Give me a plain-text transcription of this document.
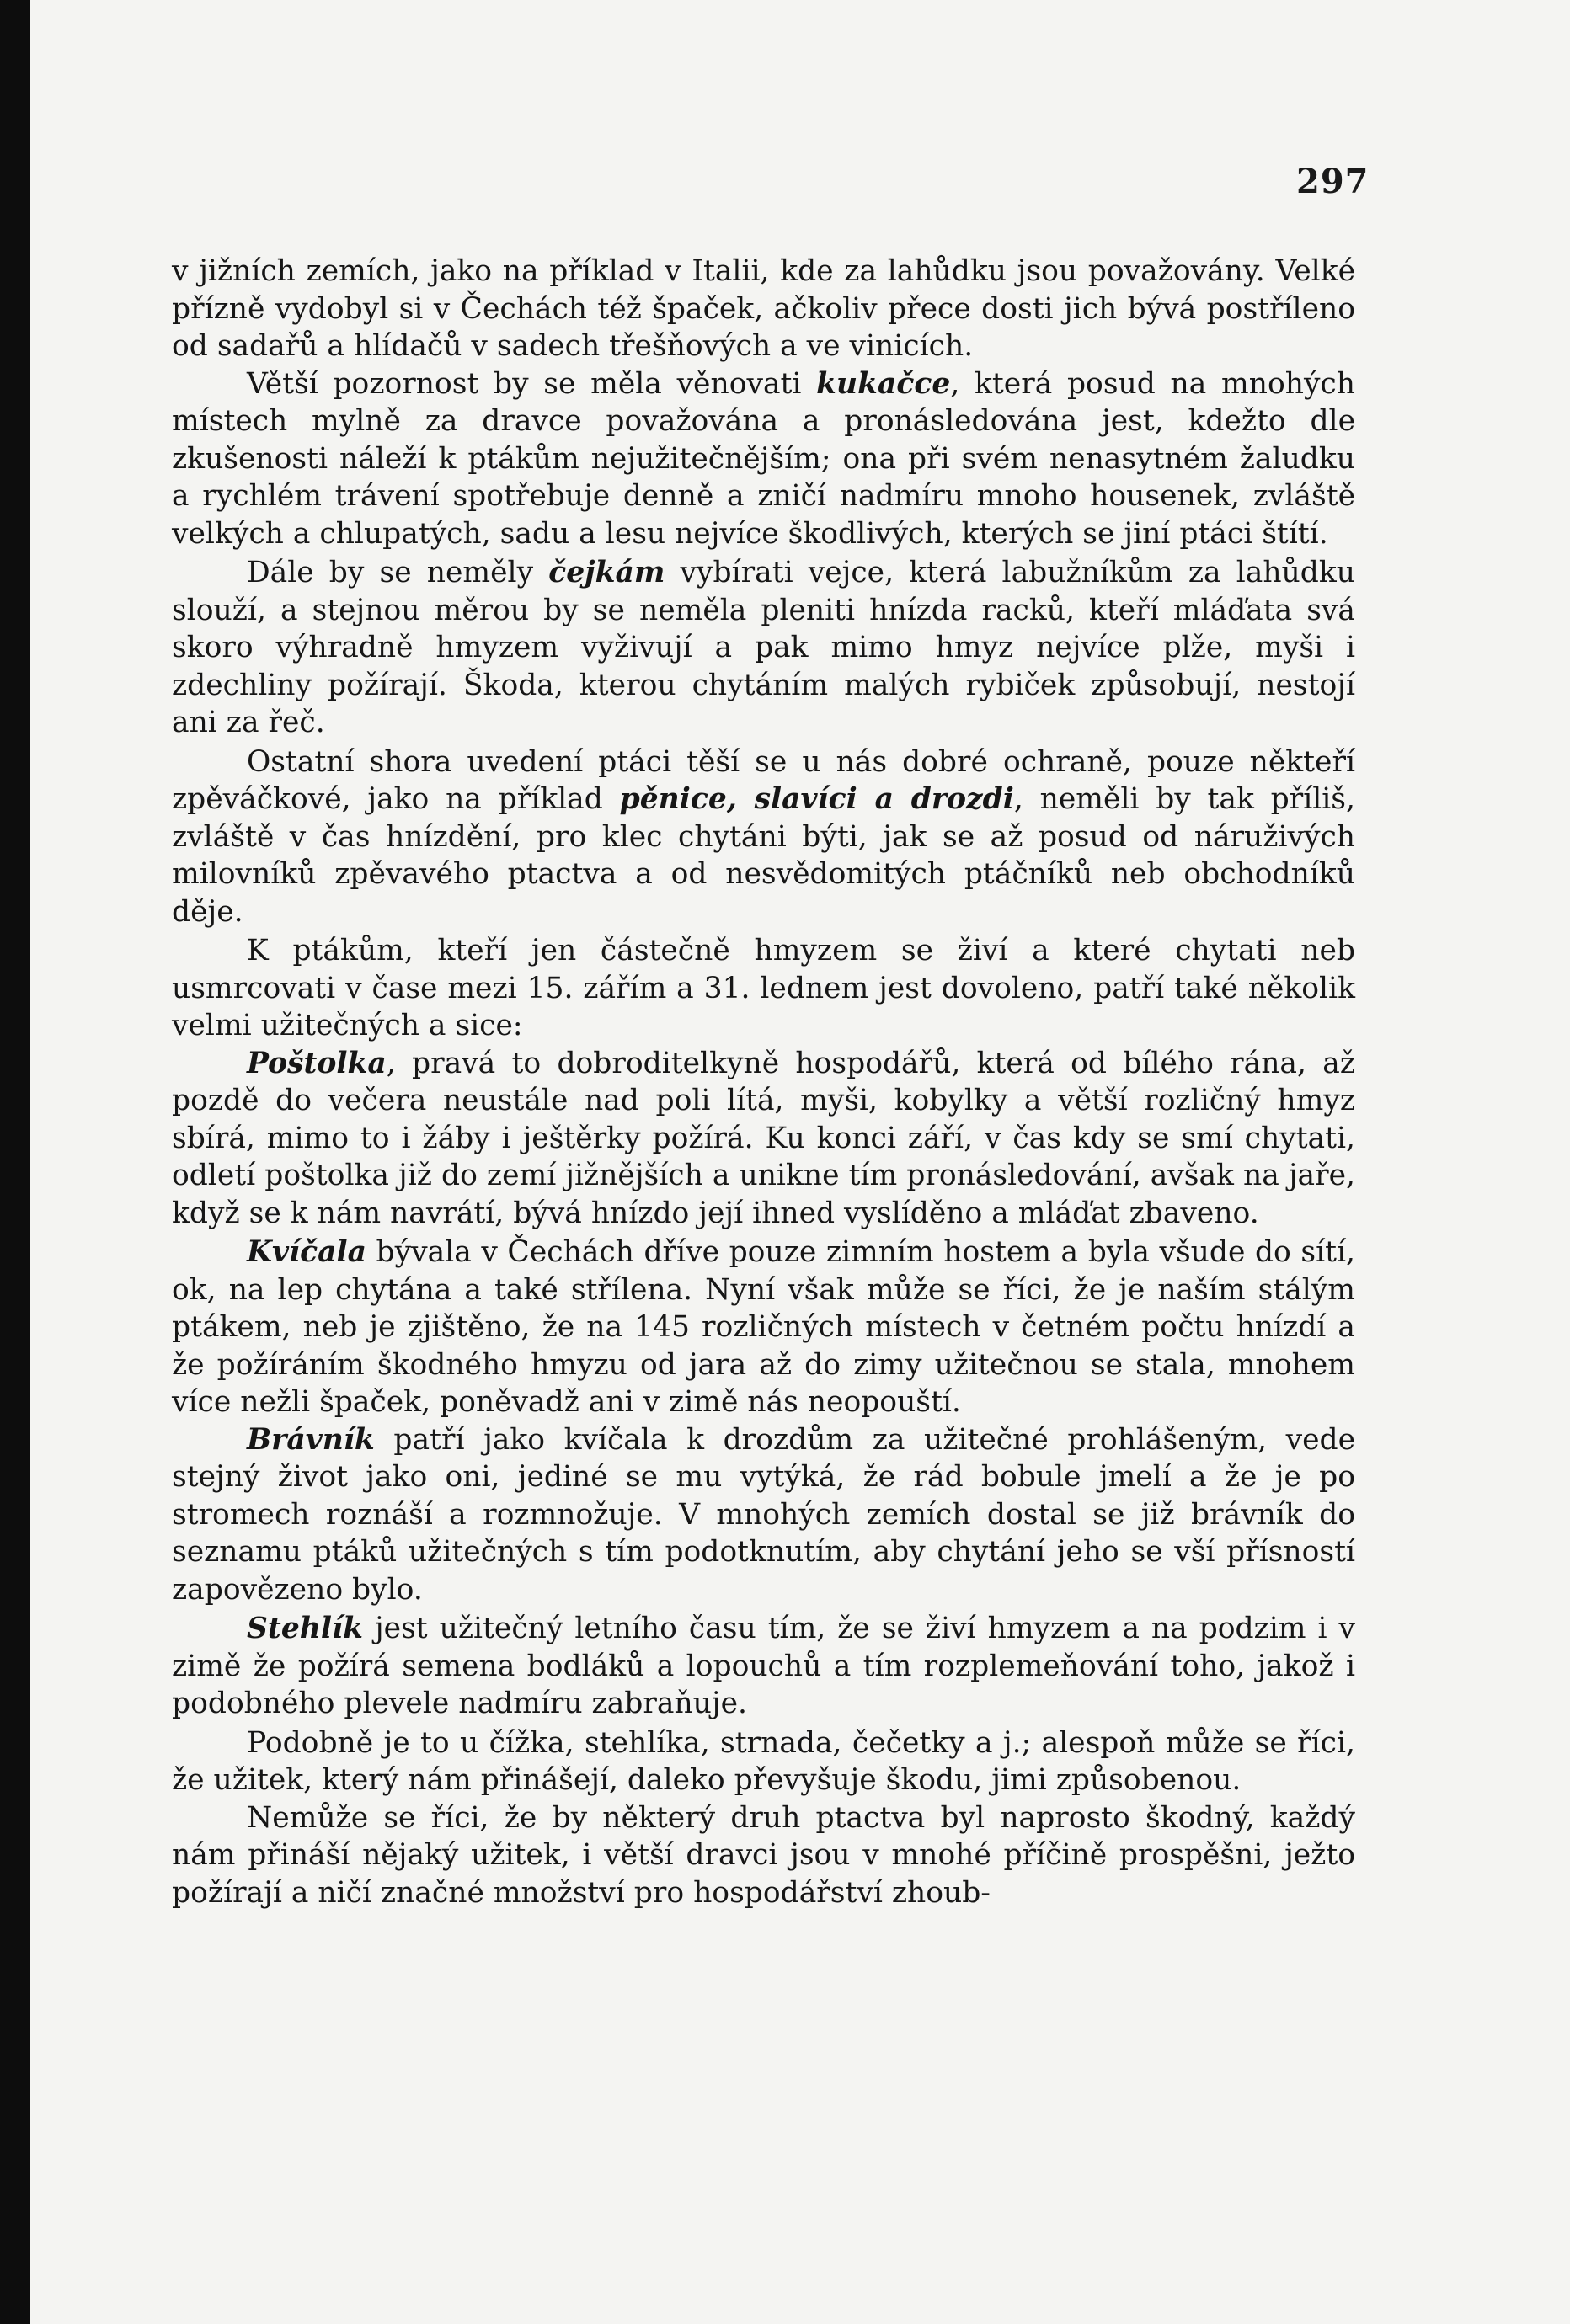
297

v jižních zemích, jako na příklad v Italii, kde za lahůdku jsou považovány. Velké přízně vydobyl si v Čechách též špaček, ačkoliv přece dosti jich bývá postříleno od sadařů a hlídačů v sadech třešňových a ve vinicích.

Větší pozornost by se měla věnovati kukačce, která posud na mnohých místech mylně za dravce považována a pronásledována jest, kdežto dle zkušenosti náleží k ptákům nejužitečnějším; ona při svém nenasytném žaludku a rychlém trávení spotřebuje denně a zničí nadmíru mnoho housenek, zvláště velkých a chlupatých, sadu a lesu nejvíce škodlivých, kterých se jiní ptáci štítí.

Dále by se neměly čejkám vybírati vejce, která labužníkům za lahůdku slouží, a stejnou měrou by se neměla pleniti hnízda racků, kteří mláďata svá skoro výhradně hmyzem vyživují a pak mimo hmyz nejvíce plže, myši i zdechliny požírají. Škoda, kterou chytáním malých rybiček způsobují, nestojí ani za řeč.

Ostatní shora uvedení ptáci těší se u nás dobré ochraně, pouze někteří zpěváčkové, jako na příklad pěnice, slavíci a drozdi, neměli by tak příliš, zvláště v čas hnízdění, pro klec chytáni býti, jak se až posud od náruživých milovníků zpěvavého ptactva a od nesvědomitých ptáčníků neb obchodníků děje.

K ptákům, kteří jen částečně hmyzem se živí a které chytati neb usmrcovati v čase mezi 15. zářím a 31. lednem jest dovoleno, patří také několik velmi užitečných a sice:

Poštolka, pravá to dobroditelkyně hospodářů, která od bílého rána, až pozdě do večera neustále nad poli lítá, myši, kobylky a větší rozličný hmyz sbírá, mimo to i žáby i ještěrky požírá. Ku konci září, v čas kdy se smí chytati, odletí poštolka již do zemí jižnějších a unikne tím pronásledování, avšak na jaře, když se k nám navrátí, bývá hnízdo její ihned vyslíděno a mláďat zbaveno.

Kvíčala bývala v Čechách dříve pouze zimním hostem a byla všude do sítí, ok, na lep chytána a také střílena. Nyní však může se říci, že je naším stálým ptákem, neb je zjištěno, že na 145 rozličných místech v četném počtu hnízdí a že požíráním škodného hmyzu od jara až do zimy užitečnou se stala, mnohem více nežli špaček, poněvadž ani v zimě nás neopouští.

Brávník patří jako kvíčala k drozdům za užitečné prohlášeným, vede stejný život jako oni, jediné se mu vytýká, že rád bobule jmelí a že je po stromech roznáší a rozmnožuje. V mnohých zemích dostal se již brávník do seznamu ptáků užitečných s tím podotknutím, aby chytání jeho se vší přísností zapovězeno bylo.

Stehlík jest užitečný letního času tím, že se živí hmyzem a na podzim i v zimě že požírá semena bodláků a lopouchů a tím rozplemeňování toho, jakož i podobného plevele nadmíru zabraňuje.

Podobně je to u čížka, stehlíka, strnada, čečetky a j.; alespoň může se říci, že užitek, který nám přinášejí, daleko převyšuje škodu, jimi způsobenou.

Nemůže se říci, že by některý druh ptactva byl naprosto škodný, každý nám přináší nějaký užitek, i větší dravci jsou v mnohé příčině prospěšni, ježto požírají a ničí značné množství pro hospodářství zhoub-
